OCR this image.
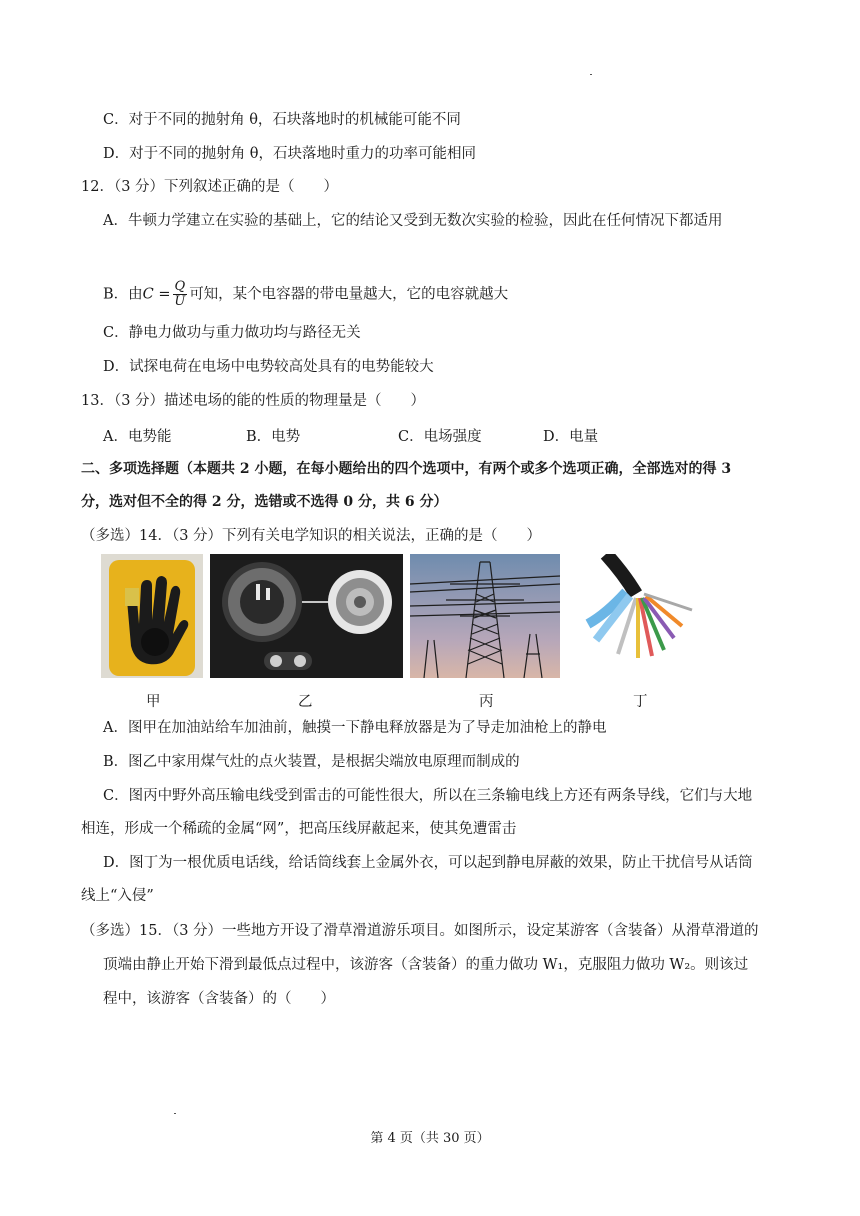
C．对于不同的抛射角 θ，石块落地时的机械能可能不同
D．对于不同的抛射角 θ，石块落地时重力的功率可能相同
12．（3 分）下列叙述正确的是（　　）
A．牛顿力学建立在实验的基础上，它的结论又受到无数次实验的检验，因此在任何情况下都适用
B．由$C = \frac{Q}{U}$ 可知，某个电容器的带电量越大，它的电容就越大
C．静电力做功与重力做功均与路径无关
D．试探电荷在电场中电势较高处具有的电势能较大
13．（3 分）描述电场的能的性质的物理量是（　　）
A．电势能	B．电势	C．电场强度	D．电量
二、多项选择题（本题共 2 小题，在每小题给出的四个选项中，有两个或多个选项正确，全部选对的得 3
分，选对但不全的得 2 分，选错或不选得 0 分，共 6 分）
（多选）14．（3 分）下列有关电学知识的相关说法，正确的是（　　）
甲	乙	丙	丁
A．图甲在加油站给车加油前，触摸一下静电释放器是为了导走加油枪上的静电
B．图乙中家用煤气灶的点火装置，是根据尖端放电原理而制成的
C．图丙中野外高压输电线受到雷击的可能性很大，所以在三条输电线上方还有两条导线，它们与大地
相连，形成一个稀疏的金属“网”，把高压线屏蔽起来，使其免遭雷击
D．图丁为一根优质电话线，给话筒线套上金属外衣，可以起到静电屏蔽的效果，防止干扰信号从话筒
线上“入侵”
（多选）15．（3 分）一些地方开设了滑草滑道游乐项目。如图所示，设定某游客（含装备）从滑草滑道的
顶端由静止开始下滑到最低点过程中，该游客（含装备）的重力做功 W₁，克服阻力做功 W₂。则该过
程中，该游客（含装备）的（　　）
第 4 页（共 30 页）
